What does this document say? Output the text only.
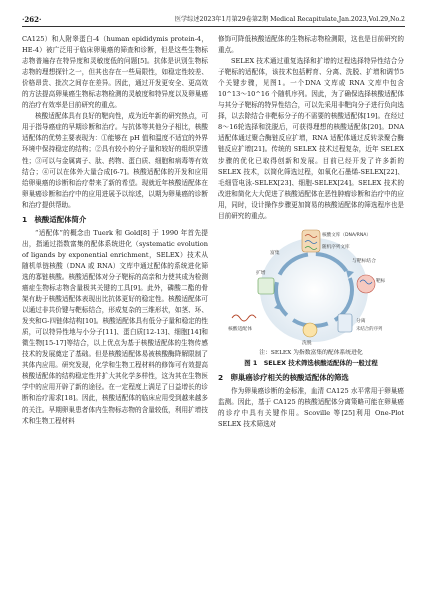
·262·	医学综述2023年1月第29卷第2期 Medical Recapitulate,Jan.2023,Vol.29,No.2

CA125）和人附睾蛋白-4（human epididymis protein-4，HE-4）被广泛用于临床卵巢癌的筛查和诊断，但是这些生物标志物普遍存在特异度和灵敏度低的问题[5]。抗体是识别生物标志物的理想探针之一，但其也存在一些局限性，如稳定性较差、价格昂贵、批次之间存在差异。因此，通过开发更安全、更高效的方法提高卵巢癌生物标志物检测的灵敏度和特异度以及卵巢癌的治疗有效率是目前研究的重点。

核酸适配体具有良好的靶向性，成为近年新的研究热点，可用于指导癌症的早期诊断和治疗。与抗体等其他分子相比，核酸适配体的优势主要表现为：①能够在 pH 值和温度不适宜的外界环境中保持稳定的结构；②具有较小的分子量和较好的组织穿透性；③可以与金属离子、肽、药物、蛋白质、细胞和病毒等有效结合；④可以在体外大量合成[6-7]。核酸适配体的开发和应用给卵巢癌的诊断和治疗带来了新的希望。现就近年核酸适配体在卵巢癌诊断和治疗中的应用进展予以综述，以期为卵巢癌的诊断和治疗提供帮助。

1　核酸适配体简介

“适配体”的概念由 Tuerk 和 Gold[8] 于 1990 年首先提出，指通过指数富集的配体系统进化（systematic evolution of ligands by exponential enrichment，SELEX）技术从随机单链核酸（DNA 或 RNA）文库中通过配体的系统进化筛选的寡链核酸。核酸适配体对分子靶标的高亲和力使其成为检测癌症生物标志物含量极其关键的工具[9]。此外，磷酸二酯的骨架有助于核酸适配体表现出比抗体更好的稳定性。核酸适配体可以通过非共价键与靶标结合，形成复杂的三维形状，如茎、环、发夹和G-四链体结构[10]。核酸适配体具有低分子量和稳定的性质，可以特异性地与小分子[11]、蛋白质[12-13]、细胞[14]和微生物[15-17]等结合，以上优点为基于核酸适配体的生物传感技术的发展奠定了基础。但是核酸适配体易被核酸酶降解限制了其体内应用。研究发现，化学和生物工程材料的修饰可有效提高核酸适配体的结构稳定性并扩大其化学多样性，这为其在生物医学中的应用开辟了新的途径。在一定程度上满足了日益增长的诊断和治疗需求[18]。因此，核酸适配体的临床应用受到越来越多的关注。早期卵巢患者体内生物标志物的含量较低，利用扩增技术和生物工程材料

修饰可降低核酸适配体的生物标志物检测限，这也是目前研究的重点。

SELEX 技术通过重复选择和扩增的过程选择特异性结合分子靶标的适配体，该技术包括孵育、分离、洗脱、扩增和调节5个关键步骤，见图1。一个DNA 文库或 RNA 文库中包含 10^13～10^16 个随机序列。因此，为了确保选择核酸适配体与其分子靶标的特异性结合，可以先采用非靶向分子进行负向选择，以去除结合非靶标分子的不需要的核酸适配体[19]。在经过8～16轮选择和洗脱后，可获得理想的核酸适配体[20]。DNA 适配体通过聚合酶链反应扩增，RNA 适配体通过反转录聚合酶链反应扩增[21]。传统的 SELEX 技术过程复杂，近年 SELEX 步骤的优化已取得创新和发展。目前已经开发了许多新的 SELEX 技术，以简化筛选过程，如氧化石墨烯-SELEX[22]、毛细管电泳-SELEX[23]、细胞-SELEX[24]。SELEX 技术的改进和简化大大促进了核酸适配体在恶性肿瘤诊断和治疗中的应用，同时，设计操作步骤更加简易的核酸适配体的筛选程序也是目前研究的重点。

核酸文库（DNA/RNA）
随机序列文库
与靶标结合
靶标
分离
未结合的序列
洗脱
扩增
富集
核酸适配体
注：SELEX 为指数富集的配体系统进化
图 1　SELEX 技术筛选核酸适配体的一般过程
2　卵巢癌诊疗相关的核酸适配体的筛选

作为卵巢癌诊断的金标准，血清 CA125 水平常用于卵巢癌监测。因此，基于 CA125 的核酸适配体分离策略可能在卵巢癌的诊疗中具有关键作用。Scoville 等[25]利用 One-Plot SELEX 技术筛选对
